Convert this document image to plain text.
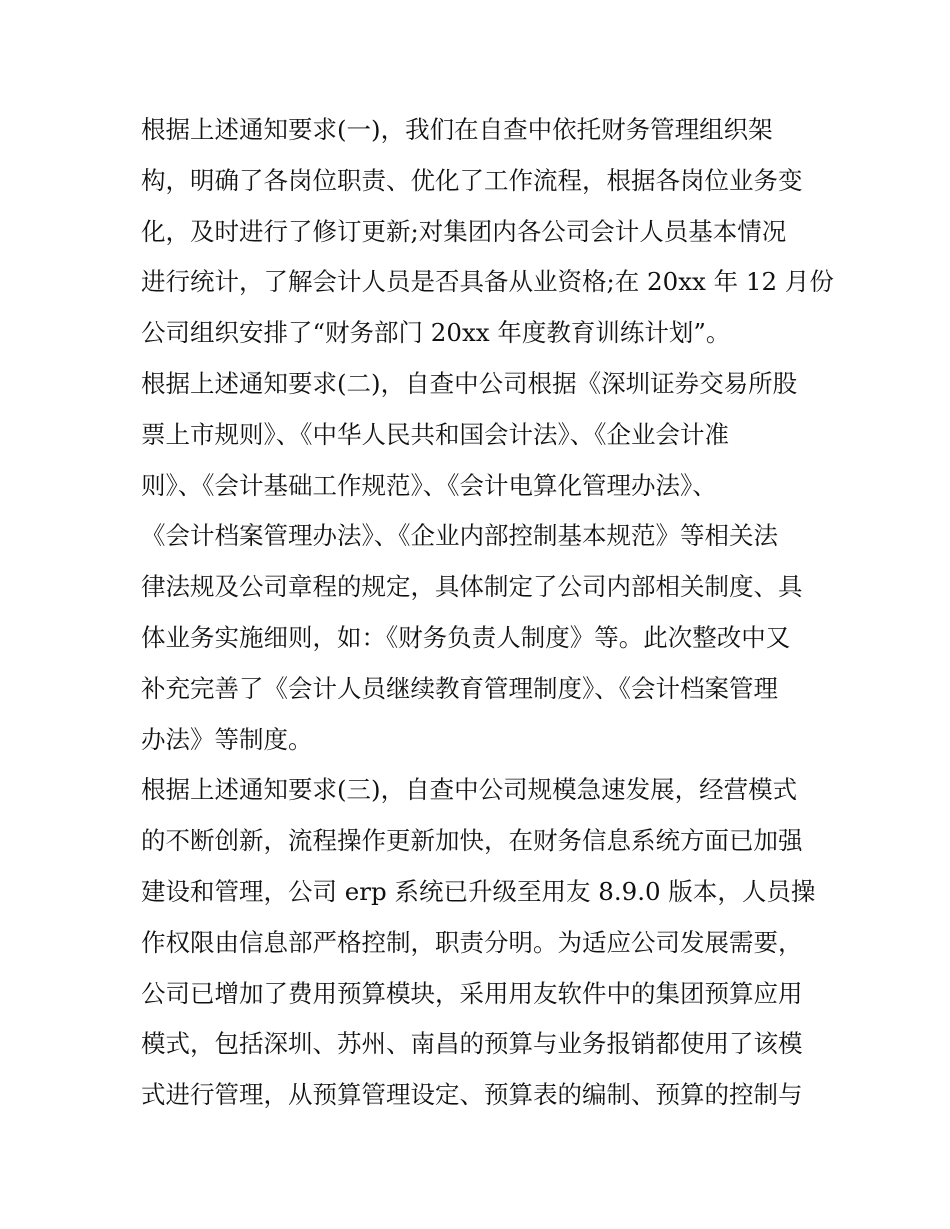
根据上述通知要求(一)，我们在自查中依托财务管理组织架
构，明确了各岗位职责、优化了工作流程，根据各岗位业务变
化，及时进行了修订更新;对集团内各公司会计人员基本情况
进行统计，了解会计人员是否具备从业资格;在 20xx 年 12 月份
公司组织安排了“财务部门 20xx 年度教育训练计划”。
根据上述通知要求(二)，自查中公司根据《深圳证券交易所股
票上市规则》、《中华人民共和国会计法》、《企业会计准
则》、《会计基础工作规范》、《会计电算化管理办法》、
《会计档案管理办法》、《企业内部控制基本规范》等相关法
律法规及公司章程的规定，具体制定了公司内部相关制度、具
体业务实施细则，如：《财务负责人制度》等。此次整改中又
补充完善了《会计人员继续教育管理制度》、《会计档案管理
办法》等制度。
根据上述通知要求(三)，自查中公司规模急速发展，经营模式
的不断创新，流程操作更新加快，在财务信息系统方面已加强
建设和管理，公司 erp 系统已升级至用友 8.9.0 版本，人员操
作权限由信息部严格控制，职责分明。为适应公司发展需要，
公司已增加了费用预算模块，采用用友软件中的集团预算应用
模式，包括深圳、苏州、南昌的预算与业务报销都使用了该模
式进行管理，从预算管理设定、预算表的编制、预算的控制与
